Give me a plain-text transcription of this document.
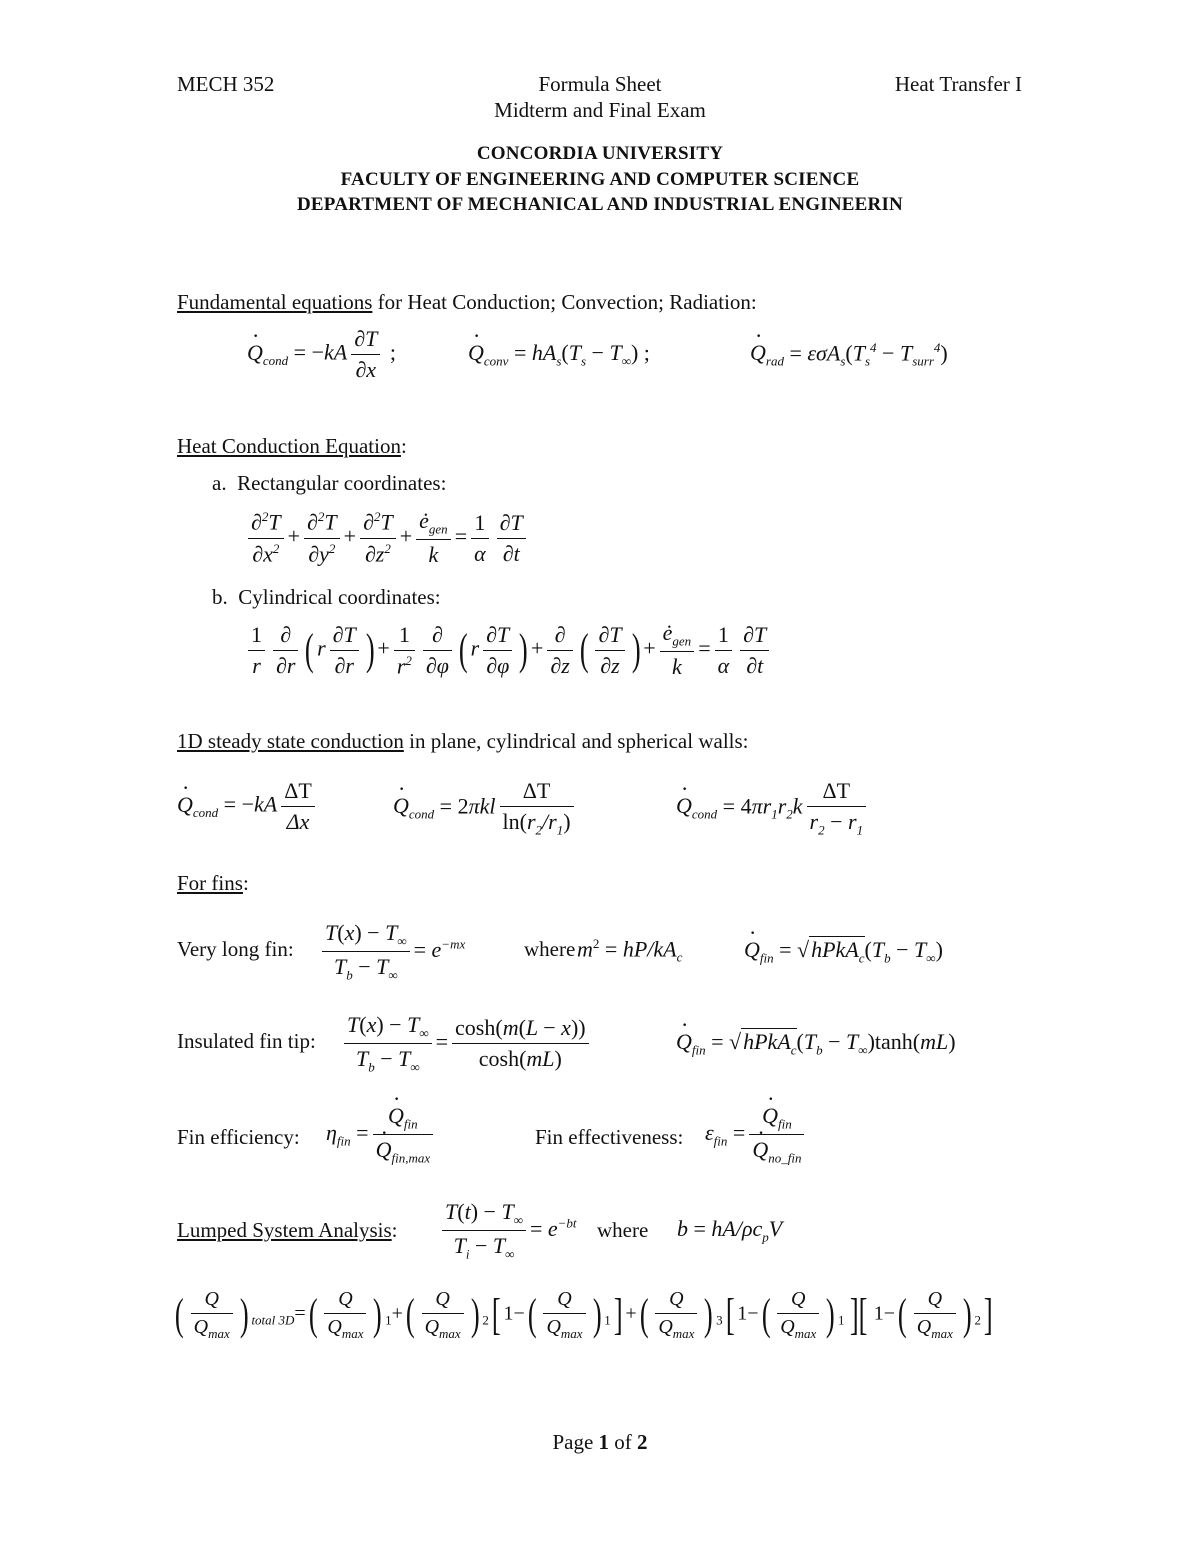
MECH 352	Formula Sheet	Heat Transfer I
Midterm and Final Exam
CONCORDIA UNIVERSITY
FACULTY OF ENGINEERING AND COMPUTER SCIENCE
DEPARTMENT OF MECHANICAL AND INDUSTRIAL ENGINEERIN
Fundamental equations for Heat Conduction; Convection; Radiation:
· $Q_{cond} = -kA \frac{\partial T}{\partial x}$ ;	· $Q_{conv} = hA_s(T_s - T_\infty)$ ;	· $Q_{rad} = \varepsilon\sigma A_s(T_s^4 - T_{surr}^4)$
Heat Conduction Equation:
a.  Rectangular coordinates:
$\frac{\partial^2T}{\partial x^2} + \frac{\partial^2T}{\partial y^2} + \frac{\partial^2T}{\partial z^2} + \frac{ė_{gen}}{k} = \frac{1}{\alpha} \frac{\partial T}{\partial t}$
b.  Cylindrical coordinates:
$\frac{1}{r} \frac{\partial}{\partial r}$ ( r $\frac{\partial T}{\partial r}$ ) + $\frac{1}{r^2} \frac{\partial}{\partial\varphi}$ ( r $\frac{\partial T}{\partial\varphi}$ ) + $\frac{\partial}{\partial z}$ ( $\frac{\partial T}{\partial z}$ ) + $\frac{ė_{gen}}{k} = \frac{1}{\alpha} \frac{\partial T}{\partial t}$
1D steady state conduction in plane, cylindrical and spherical walls:
· $Q_{cond} = -kA \frac{\Delta T}{\Delta x}$	· $Q_{cond} = 2\pi kl \frac{\Delta T}{\ln(r_2/r_1)}$	· $Q_{cond} = 4\pi r_1r_2k \frac{\Delta T}{r_2 - r_1}$
For fins:
Very long fin: $\frac{T(x) - T_\infty}{T_b - T_\infty} = e^{-mx}$	where $m^2 = hP/kA_c$	· $Q_{fin}$ = $√hPkA_c(T_b - T_\infty)$
Insulated fin tip: $\frac{T(x) - T_\infty}{T_b - T_\infty} = \frac{\cosh(m(L - x))}{\cosh(mL)}$	· $Q_{fin}$ = $√hPkA_c(T_b - T_\infty)\tanh(mL)$
Fin efficiency: $\eta_{fin}$ = · $Q_{fin}$
· $Q_{fin,max}$	Fin effectiveness: $\varepsilon_{fin}$ = · $Q_{fin}$
· $Q_{no\_fin}$
Lumped System Analysis: $\frac{T(t) - T_\infty}{T_i - T_\infty} = e^{-bt}$ where $b = hA/\rho c_pV$
( $\frac{Q}{Q_{max}}$ ) $_{total 3D}=( \frac{Q}{Q_{max}}$ ) $_1+( \frac{Q}{Q_{max}}$ ) $_2$[ $1-( \frac{Q}{Q_{max}}$ ) $_1$] +( $\frac{Q}{Q_{max}}$ ) $_3$[ $1-( \frac{Q}{Q_{max}}$ ) $_1$ ][ $1-( \frac{Q}{Q_{max}}$ ) $_2$]
Page 1 of 2
